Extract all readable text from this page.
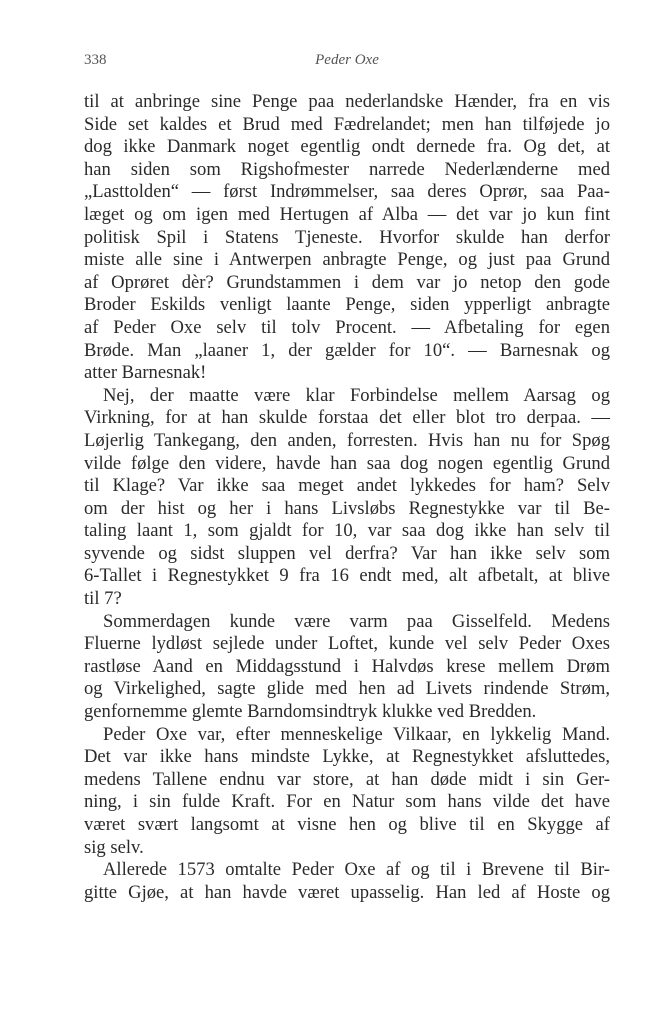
338	Peder Oxe
til at anbringe sine Penge paa nederlandske Hænder, fra en vis
Side set kaldes et Brud med Fædrelandet; men han tilføjede jo
dog ikke Danmark noget egentlig ondt dernede fra. Og det, at
han siden som Rigshofmester narrede Nederlænderne med
„Lasttolden“ — først Indrømmelser, saa deres Oprør, saa Paa-
læget og om igen med Hertugen af Alba — det var jo kun fint
politisk Spil i Statens Tjeneste. Hvorfor skulde han derfor
miste alle sine i Antwerpen anbragte Penge, og just paa Grund
af Oprøret dèr? Grundstammen i dem var jo netop den gode
Broder Eskilds venligt laante Penge, siden ypperligt anbragte
af Peder Oxe selv til tolv Procent. — Afbetaling for egen
Brøde. Man „laaner 1, der gælder for 10“. — Barnesnak og
atter Barnesnak!
Nej, der maatte være klar Forbindelse mellem Aarsag og
Virkning, for at han skulde forstaa det eller blot tro derpaa. —
Løjerlig Tankegang, den anden, forresten. Hvis han nu for Spøg
vilde følge den videre, havde han saa dog nogen egentlig Grund
til Klage? Var ikke saa meget andet lykkedes for ham? Selv
om der hist og her i hans Livsløbs Regnestykke var til Be-
taling laant 1, som gjaldt for 10, var saa dog ikke han selv til
syvende og sidst sluppen vel derfra? Var han ikke selv som
6-Tallet i Regnestykket 9 fra 16 endt med, alt afbetalt, at blive
til 7?
Sommerdagen kunde være varm paa Gisselfeld. Medens
Fluerne lydløst sejlede under Loftet, kunde vel selv Peder Oxes
rastløse Aand en Middagsstund i Halvdøs krese mellem Drøm
og Virkelighed, sagte glide med hen ad Livets rindende Strøm,
genfornemme glemte Barndomsindtryk klukke ved Bredden.
Peder Oxe var, efter menneskelige Vilkaar, en lykkelig Mand.
Det var ikke hans mindste Lykke, at Regnestykket afsluttedes,
medens Tallene endnu var store, at han døde midt i sin Ger-
ning, i sin fulde Kraft. For en Natur som hans vilde det have
været svært langsomt at visne hen og blive til en Skygge af
sig selv.
Allerede 1573 omtalte Peder Oxe af og til i Brevene til Bir-
gitte Gjøe, at han havde været upasselig. Han led af Hoste og
